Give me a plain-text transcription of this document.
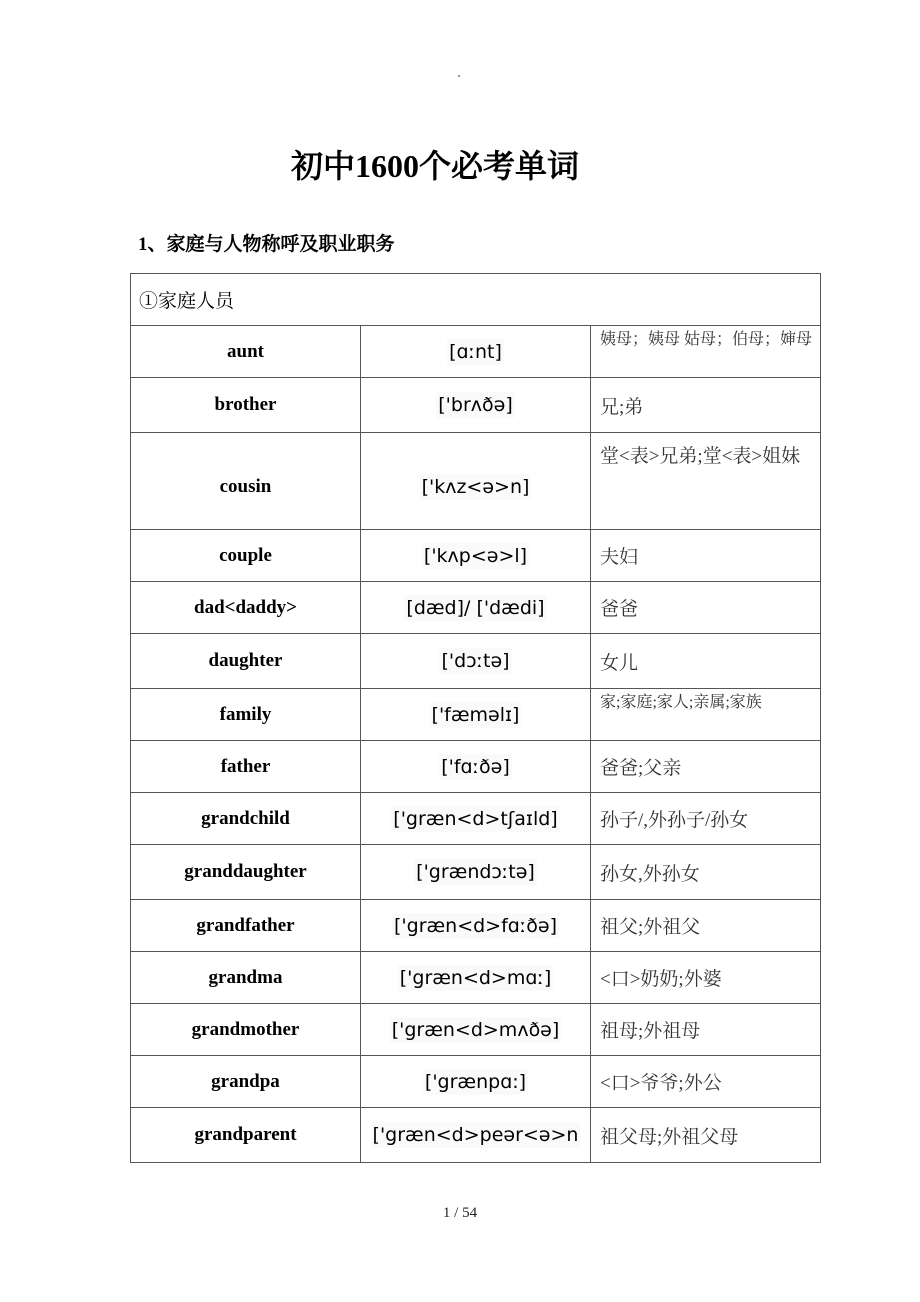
初中1600个必考单词
1、家庭与人物称呼及职业职务
①家庭人员		
aunt	[ɑːnt]	姨母；姨母 姑母；伯母；婶母
brother	['brʌðə]	兄;弟
cousin	['kʌz<ə>n]	堂<表>兄弟;堂<表>姐妹
couple	['kʌp<ə>l]	夫妇
dad<daddy>	[dæd]/ ['dædi]	爸爸
daughter	['dɔːtə]	女儿
family	['fæməlɪ]	家;家庭;家人;亲属;家族
father	['fɑːðə]	爸爸;父亲
grandchild	['græn<d>tʃaɪld]	孙子/,外孙子/孙女
granddaughter	['grændɔːtə]	孙女,外孙女
grandfather	['græn<d>fɑːðə]	祖父;外祖父
grandma	['græn<d>mɑː]	<口>奶奶;外婆
grandmother	['græn<d>mʌðə]	祖母;外祖母
grandpa	['grænpɑ:]	<口>爷爷;外公
grandparent	['græn<d>peər<ə>n	祖父母;外祖父母
1 / 54
